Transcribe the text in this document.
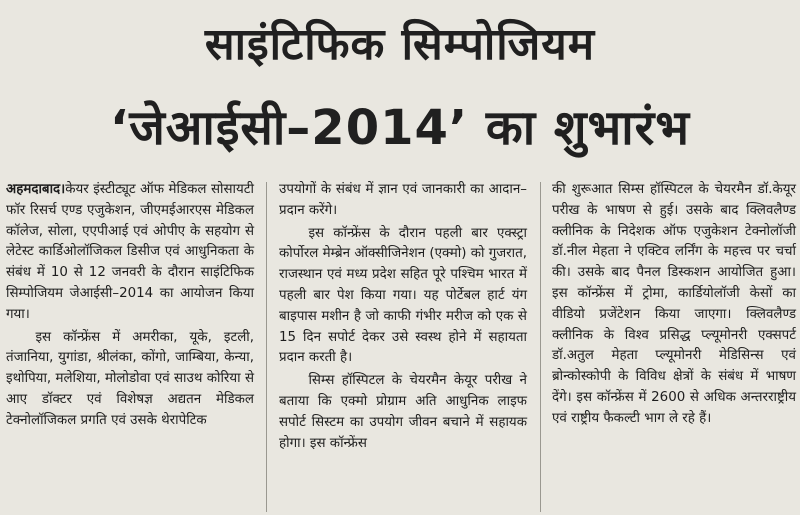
साइंटिफिक सिम्पोजियम
‘जेआईसी–2014’ का शुभारंभ

अहमदाबाद।केयर इंस्टीट्यूट ऑफ मेडिकल सोसायटी फॉर रिसर्च एण्ड एजुकेशन, जीएमईआरएस मेडिकल कॉलेज, सोला, एएपीआई एवं ओपीए के सहयोग से लेटेस्ट कार्डिओलॉजिकल डिसीज एवं आधुनिकता के संबंध में 10 से 12 जनवरी के दौरान साइंटिफिक सिम्पोजियम जेआईसी–2014 का आयोजन किया गया।

इस कॉन्फ्रेंस में अमरीका, यूके, इटली, तंजानिया, युगांडा, श्रीलंका, कोंगो, जाम्बिया, केन्या, इथोपिया, मलेशिया, मोलोडोवा एवं साउथ कोरिया से आए डॉक्टर एवं विशेषज्ञ अद्यतन मेडिकल टेक्नोलॉजिकल प्रगति एवं उसके थेरापेटिक

उपयोगों के संबंध में ज्ञान एवं जानकारी का आदान–प्रदान करेंगे।

इस कॉन्फ्रेंस के दौरान पहली बार एक्स्ट्रा कोर्पोरल मेम्ब्रेन ऑक्सीजिनेशन (एक्मो) को गुजरात, राजस्थान एवं मध्य प्रदेश सहित पूरे पश्चिम भारत में पहली बार पेश किया गया। यह पोर्टेबल हार्ट यंग बाइपास मशीन है जो काफी गंभीर मरीज को एक से 15 दिन सपोर्ट देकर उसे स्वस्थ होने में सहायता प्रदान करती है।

सिम्स हॉस्पिटल के चेयरमैन केयूर परीख ने बताया कि एक्मो प्रोग्राम अति आधुनिक लाइफ सपोर्ट सिस्टम का उपयोग जीवन बचाने में सहायक होगा। इस कॉन्फ्रेंस

की शुरूआत सिम्स हॉस्पिटल के चेयरमैन डॉ.केयूर परीख के भाषण से हुई। उसके बाद क्लिवलैण्ड क्लीनिक के निदेशक ऑफ एजुकेशन टेक्नोलॉजी डॉ.नील मेहता ने एक्टिव लर्निंग के महत्त्व पर चर्चा की। उसके बाद पैनल डिस्कशन आयोजित हुआ। इस कॉन्फ्रेंस में ट्रोमा, कार्डियोलॉजी केसों का वीडियो प्रजेंटेशन किया जाएगा। क्लिवलैण्ड क्लीनिक के विश्व प्रसिद्ध प्ल्यूमोनरी एक्सपर्ट डॉ.अतुल मेहता प्ल्यूमोनरी मेडिसिन्स एवं ब्रोन्कोस्कोपी के विविध क्षेत्रों के संबंध में भाषण देंगे। इस कॉन्फ्रेंस में 2600 से अधिक अन्तरराष्ट्रीय एवं राष्ट्रीय फैकल्टी भाग ले रहे हैं।
